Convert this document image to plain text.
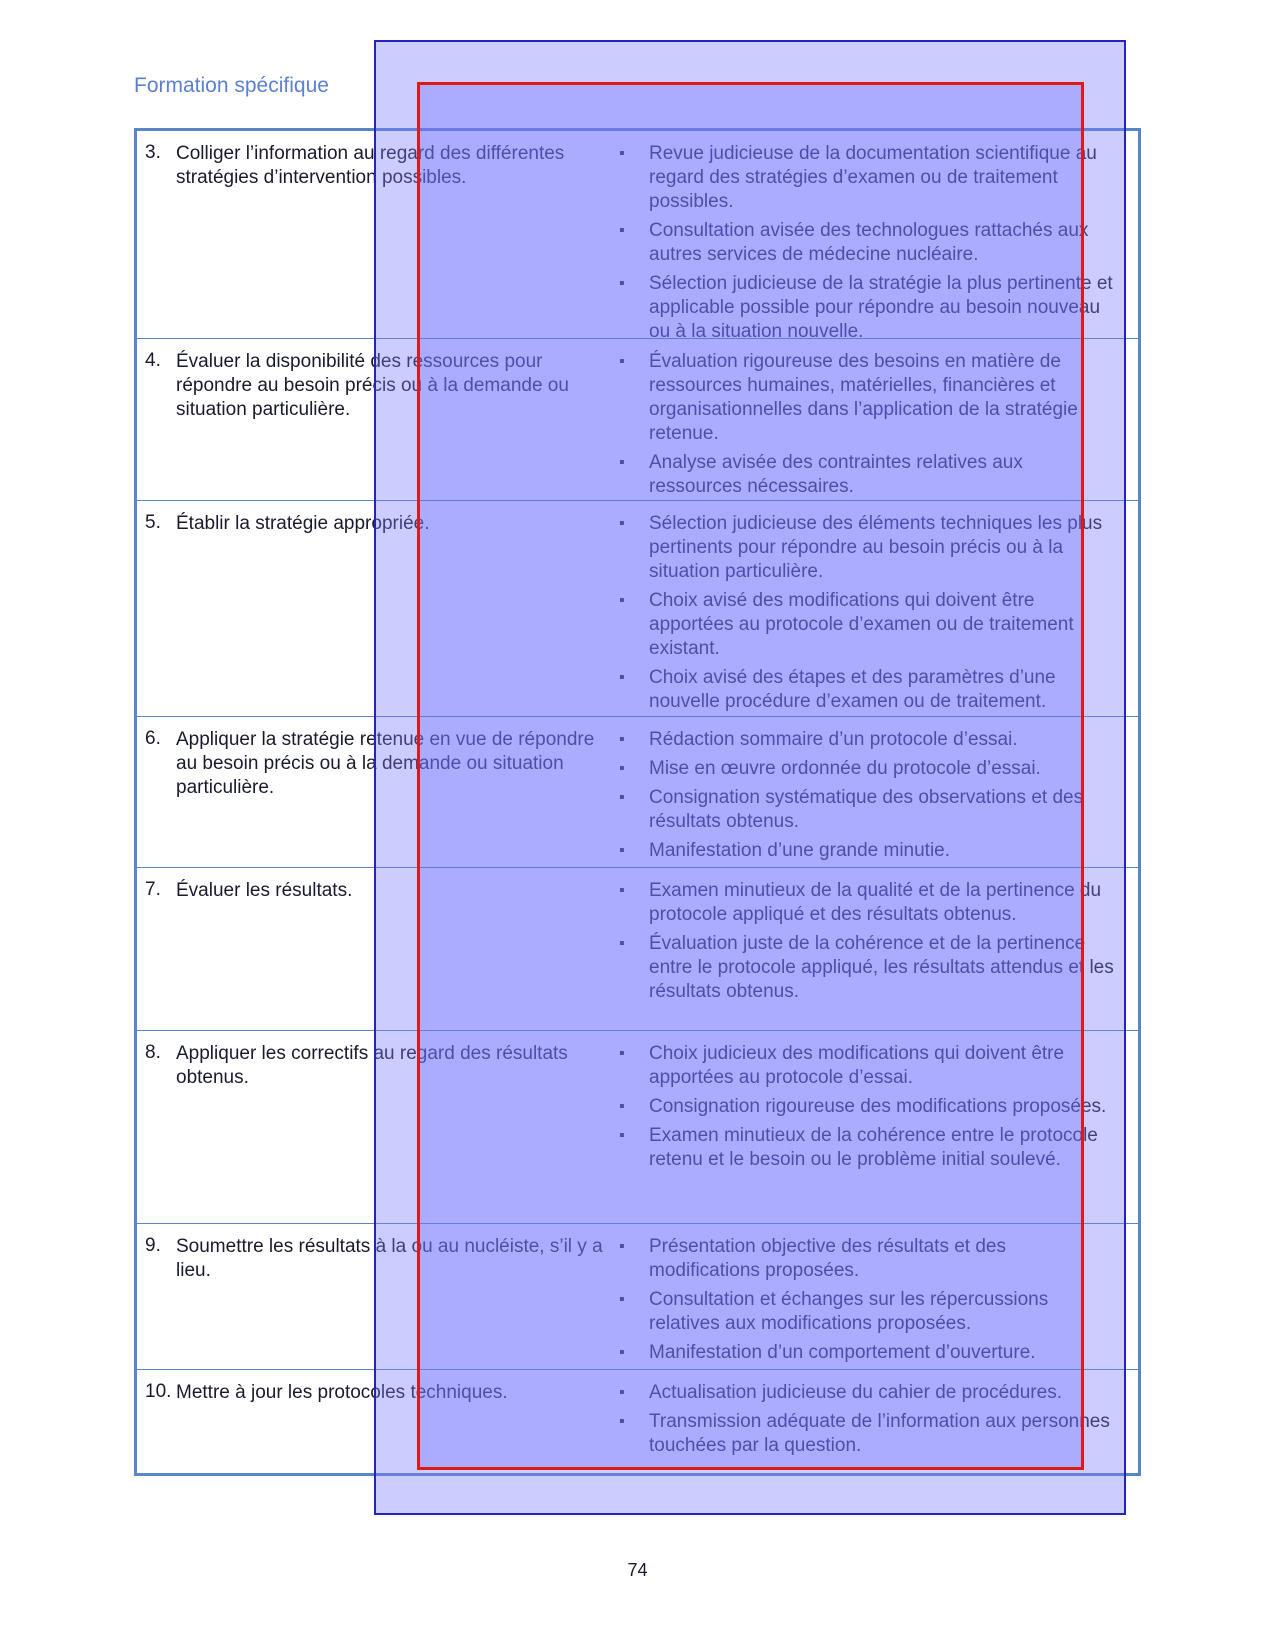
Formation spécifique
3. Colliger l’information au regard des différentes stratégies d’intervention possibles.
▪ Revue judicieuse de la documentation scientifique au regard des stratégies d’examen ou de traitement possibles.
▪ Consultation avisée des technologues rattachés aux autres services de médecine nucléaire.
▪ Sélection judicieuse de la stratégie la plus pertinente et applicable possible pour répondre au besoin nouveau ou à la situation nouvelle.
4. Évaluer la disponibilité des ressources pour répondre au besoin précis ou à la demande ou situation particulière.
▪ Évaluation rigoureuse des besoins en matière de ressources humaines, matérielles, financières et organisationnelles dans l’application de la stratégie retenue.
▪ Analyse avisée des contraintes relatives aux ressources nécessaires.
5. Établir la stratégie appropriée.	▪ Sélection judicieuse des éléments techniques les plus pertinents pour répondre au besoin précis ou à la situation particulière.
▪ Choix avisé des modifications qui doivent être apportées au protocole d’examen ou de traitement existant.
▪ Choix avisé des étapes et des paramètres d’une nouvelle procédure d’examen ou de traitement.
6. Appliquer la stratégie retenue en vue de répondre au besoin précis ou à la demande ou situation particulière.
▪ Rédaction sommaire d’un protocole d’essai.
▪ Mise en œuvre ordonnée du protocole d’essai.
▪ Consignation systématique des observations et des résultats obtenus.
▪ Manifestation d’une grande minutie.
7. Évaluer les résultats.	▪ Examen minutieux de la qualité et de la pertinence du protocole appliqué et des résultats obtenus.
▪ Évaluation juste de la cohérence et de la pertinence entre le protocole appliqué, les résultats attendus et les résultats obtenus.
8. Appliquer les correctifs au regard des résultats obtenus.
▪ Choix judicieux des modifications qui doivent être apportées au protocole d’essai.
▪ Consignation rigoureuse des modifications proposées.
▪ Examen minutieux de la cohérence entre le protocole retenu et le besoin ou le problème initial soulevé.
9. Soumettre les résultats à la ou au nucléiste, s’il y a lieu.
▪ Présentation objective des résultats et des modifications proposées.
▪ Consultation et échanges sur les répercussions relatives aux modifications proposées.
▪ Manifestation d’un comportement d’ouverture.
10. Mettre à jour les protocoles techniques.	▪ Actualisation judicieuse du cahier de procédures.
▪ Transmission adéquate de l’information aux personnes touchées par la question.
74
